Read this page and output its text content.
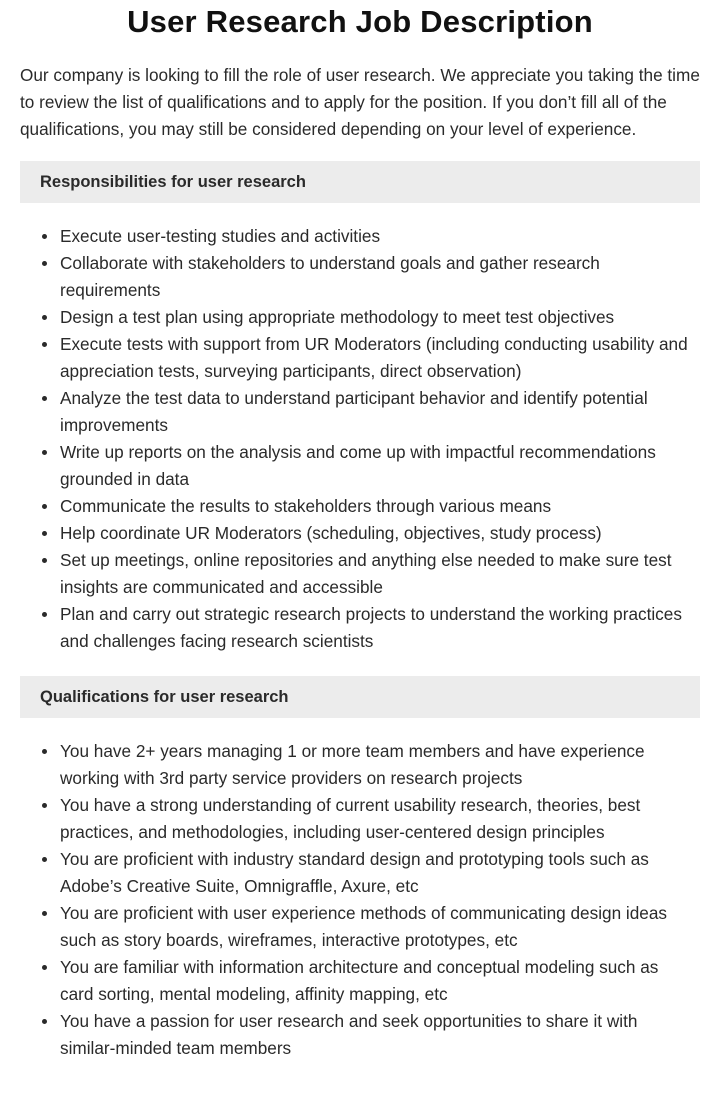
User Research Job Description

Our company is looking to fill the role of user research. We appreciate you taking the time to review the list of qualifications and to apply for the position. If you don’t fill all of the qualifications, you may still be considered depending on your level of experience.

Responsibilities for user research
Execute user-testing studies and activities
Collaborate with stakeholders to understand goals and gather research requirements
Design a test plan using appropriate methodology to meet test objectives
Execute tests with support from UR Moderators (including conducting usability and appreciation tests, surveying participants, direct observation)
Analyze the test data to understand participant behavior and identify potential improvements
Write up reports on the analysis and come up with impactful recommendations grounded in data
Communicate the results to stakeholders through various means
Help coordinate UR Moderators (scheduling, objectives, study process)
Set up meetings, online repositories and anything else needed to make sure test insights are communicated and accessible
Plan and carry out strategic research projects to understand the working practices and challenges facing research scientists
Qualifications for user research
You have 2+ years managing 1 or more team members and have experience working with 3rd party service providers on research projects
You have a strong understanding of current usability research, theories, best practices, and methodologies, including user-centered design principles
You are proficient with industry standard design and prototyping tools such as Adobe’s Creative Suite, Omnigraffle, Axure, etc
You are proficient with user experience methods of communicating design ideas such as story boards, wireframes, interactive prototypes, etc
You are familiar with information architecture and conceptual modeling such as card sorting, mental modeling, affinity mapping, etc
You have a passion for user research and seek opportunities to share it with similar-minded team members
